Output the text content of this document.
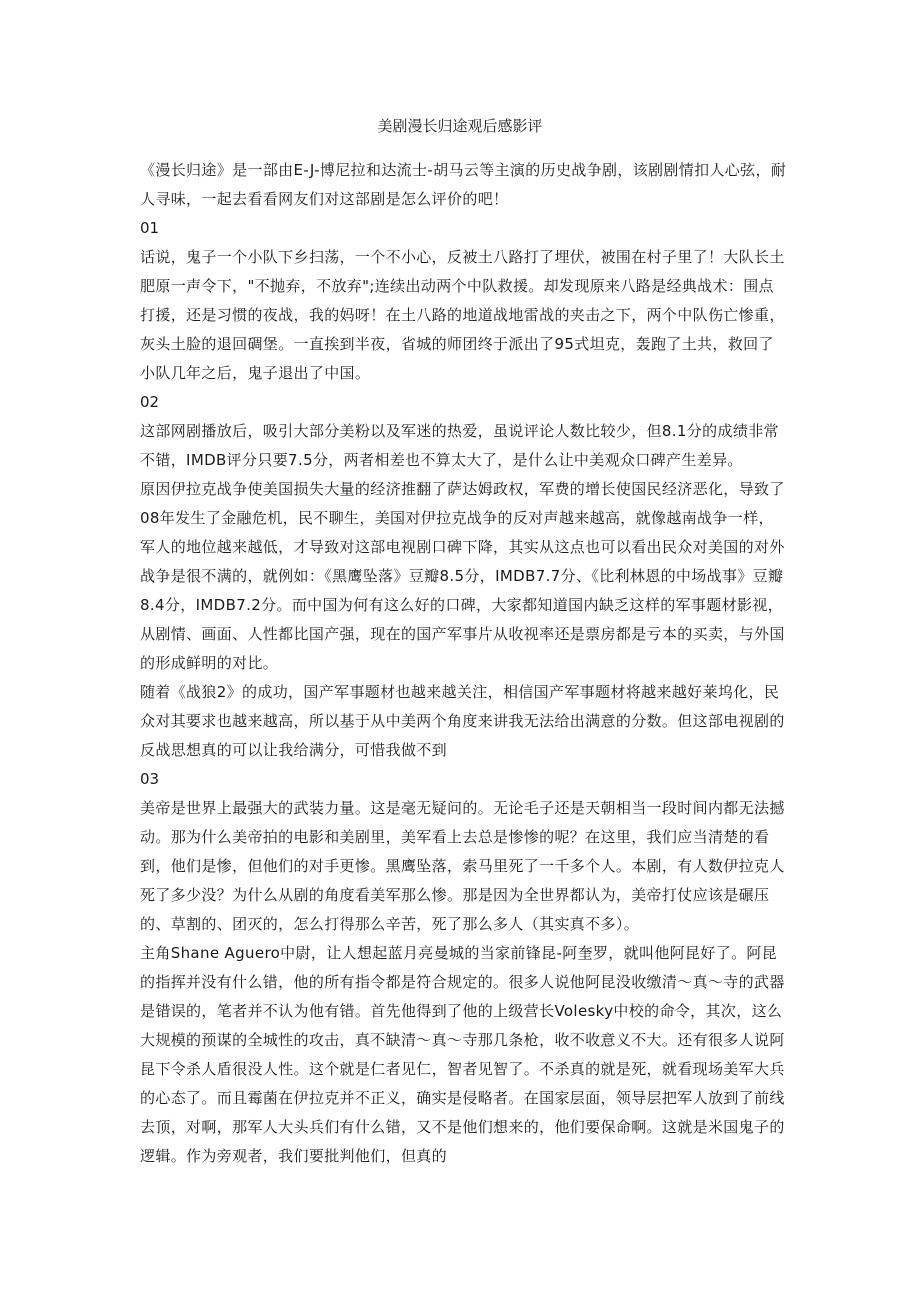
美剧漫长归途观后感影评

《漫长归途》是一部由E-J-博尼拉和达流士-胡马云等主演的历史战争剧，该剧剧情扣人心弦，耐人寻味，一起去看看网友们对这部剧是怎么评价的吧！

01

话说，鬼子一个小队下乡扫荡，一个不小心，反被土八路打了埋伏，被围在村子里了！大队长土肥原一声令下，"不抛弃，不放弃";连续出动两个中队救援。却发现原来八路是经典战术：围点打援，还是习惯的夜战，我的妈呀！在土八路的地道战地雷战的夹击之下，两个中队伤亡惨重，灰头土脸的退回碉堡。一直挨到半夜，省城的师团终于派出了95式坦克，轰跑了土共，救回了小队几年之后，鬼子退出了中国。

02

这部网剧播放后，吸引大部分美粉以及军迷的热爱，虽说评论人数比较少，但8.1分的成绩非常不错，IMDB评分只要7.5分，两者相差也不算太大了，是什么让中美观众口碑产生差异。

原因伊拉克战争使美国损失大量的经济推翻了萨达姆政权，军费的增长使国民经济恶化，导致了08年发生了金融危机，民不聊生，美国对伊拉克战争的反对声越来越高，就像越南战争一样，军人的地位越来越低，才导致对这部电视剧口碑下降，其实从这点也可以看出民众对美国的对外战争是很不满的，就例如：《黑鹰坠落》豆瓣8.5分，IMDB7.7分、《比利林恩的中场战事》豆瓣8.4分，IMDB7.2分。而中国为何有这么好的口碑，大家都知道国内缺乏这样的军事题材影视，从剧情、画面、人性都比国产强，现在的国产军事片从收视率还是票房都是亏本的买卖，与外国的形成鲜明的对比。

随着《战狼2》的成功，国产军事题材也越来越关注，相信国产军事题材将越来越好莱坞化，民众对其要求也越来越高，所以基于从中美两个角度来讲我无法给出满意的分数。但这部电视剧的反战思想真的可以让我给满分，可惜我做不到

03

美帝是世界上最强大的武装力量。这是毫无疑问的。无论毛子还是天朝相当一段时间内都无法撼动。那为什么美帝拍的电影和美剧里，美军看上去总是惨惨的呢？在这里，我们应当清楚的看到，他们是惨，但他们的对手更惨。黑鹰坠落，索马里死了一千多个人。本剧，有人数伊拉克人死了多少没？为什么从剧的角度看美军那么惨。那是因为全世界都认为，美帝打仗应该是碾压的、草割的、团灭的，怎么打得那么辛苦，死了那么多人（其实真不多）。

主角Shane Aguero中尉，让人想起蓝月亮曼城的当家前锋昆-阿奎罗，就叫他阿昆好了。阿昆的指挥并没有什么错，他的所有指令都是符合规定的。很多人说他阿昆没收缴清～真～寺的武器是错误的，笔者并不认为他有错。首先他得到了他的上级营长Volesky中校的命令，其次，这么大规模的预谋的全城性的攻击，真不缺清～真～寺那几条枪，收不收意义不大。还有很多人说阿昆下令杀人盾很没人性。这个就是仁者见仁，智者见智了。不杀真的就是死，就看现场美军大兵的心态了。而且霉菌在伊拉克并不正义，确实是侵略者。在国家层面，领导层把军人放到了前线去顶，对啊，那军人大头兵们有什么错，又不是他们想来的，他们要保命啊。这就是米国鬼子的逻辑。作为旁观者，我们要批判他们，但真的
